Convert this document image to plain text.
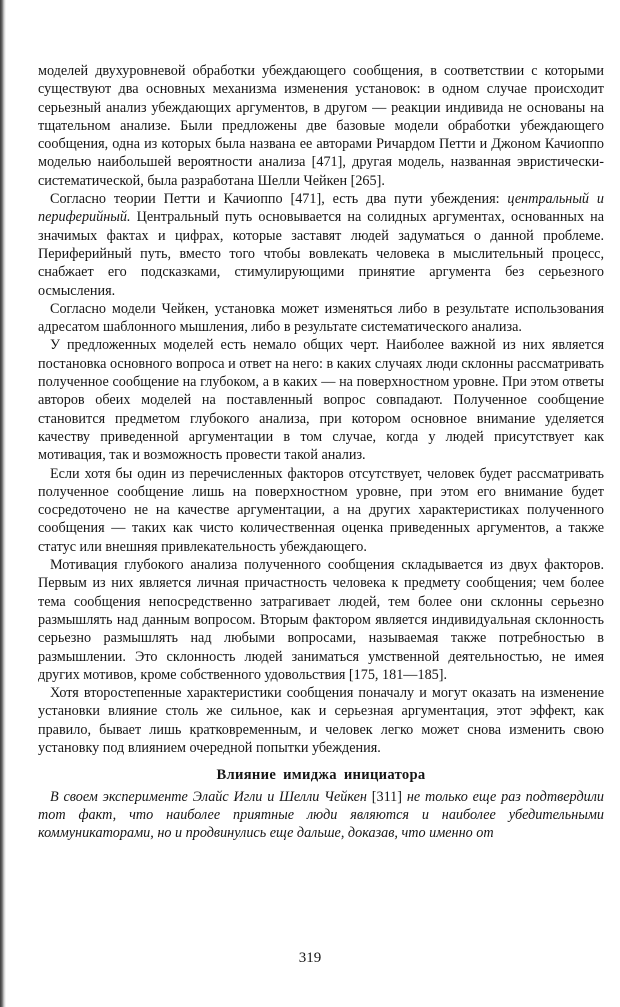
моделей двухуровневой обработки убеждающего сообщения, в соответствии с которыми существуют два основных механизма изменения установок: в одном случае происходит серьезный анализ убеждающих аргументов, в другом — реакции индивида не основаны на тщательном анализе. Были предложены две базовые модели обработки убеждающего сообщения, одна из которых была названа ее авторами Ричардом Петти и Джоном Качиоппо моделью наибольшей вероятности анализа [471], другая модель, названная эвристически-систематической, была разработана Шелли Чейкен [265].

Согласно теории Петти и Качиоппо [471], есть два пути убеждения: центральный и периферийный. Центральный путь основывается на солидных аргументах, основанных на значимых фактах и цифрах, которые заставят людей задуматься о данной проблеме. Периферийный путь, вместо того чтобы вовлекать человека в мыслительный процесс, снабжает его подсказками, стимулирующими принятие аргумента без серьезного осмысления.

Согласно модели Чейкен, установка может изменяться либо в результате использования адресатом шаблонного мышления, либо в результате систематического анализа.

У предложенных моделей есть немало общих черт. Наиболее важной из них является постановка основного вопроса и ответ на него: в каких случаях люди склонны рассматривать полученное сообщение на глубоком, а в каких — на поверхностном уровне. При этом ответы авторов обеих моделей на поставленный вопрос совпадают. Полученное сообщение становится предметом глубокого анализа, при котором основное внимание уделяется качеству приведенной аргументации в том случае, когда у людей присутствует как мотивация, так и возможность провести такой анализ.

Если хотя бы один из перечисленных факторов отсутствует, человек будет рассматривать полученное сообщение лишь на поверхностном уровне, при этом его внимание будет сосредоточено не на качестве аргументации, а на других характеристиках полученного сообщения — таких как чисто количественная оценка приведенных аргументов, а также статус или внешняя привлекательность убеждающего.

Мотивация глубокого анализа полученного сообщения складывается из двух факторов. Первым из них является личная причастность человека к предмету сообщения; чем более тема сообщения непосредственно затрагивает людей, тем более они склонны серьезно размышлять над данным вопросом. Вторым фактором является индивидуальная склонность серьезно размышлять над любыми вопросами, называемая также потребностью в размышлении. Это склонность людей заниматься умственной деятельностью, не имея других мотивов, кроме собственного удовольствия [175, 181—185].

Хотя второстепенные характеристики сообщения поначалу и могут оказать на изменение установки влияние столь же сильное, как и серьезная аргументация, этот эффект, как правило, бывает лишь кратковременным, и человек легко может снова изменить свою установку под влиянием очередной попытки убеждения.

Влияние имиджа инициатора

В своем эксперименте Элайс Игли и Шелли Чейкен [311] не только еще раз подтвердили тот факт, что наиболее приятные люди являются и наиболее убедительными коммуникаторами, но и продвинулись еще дальше, доказав, что именно от

319
